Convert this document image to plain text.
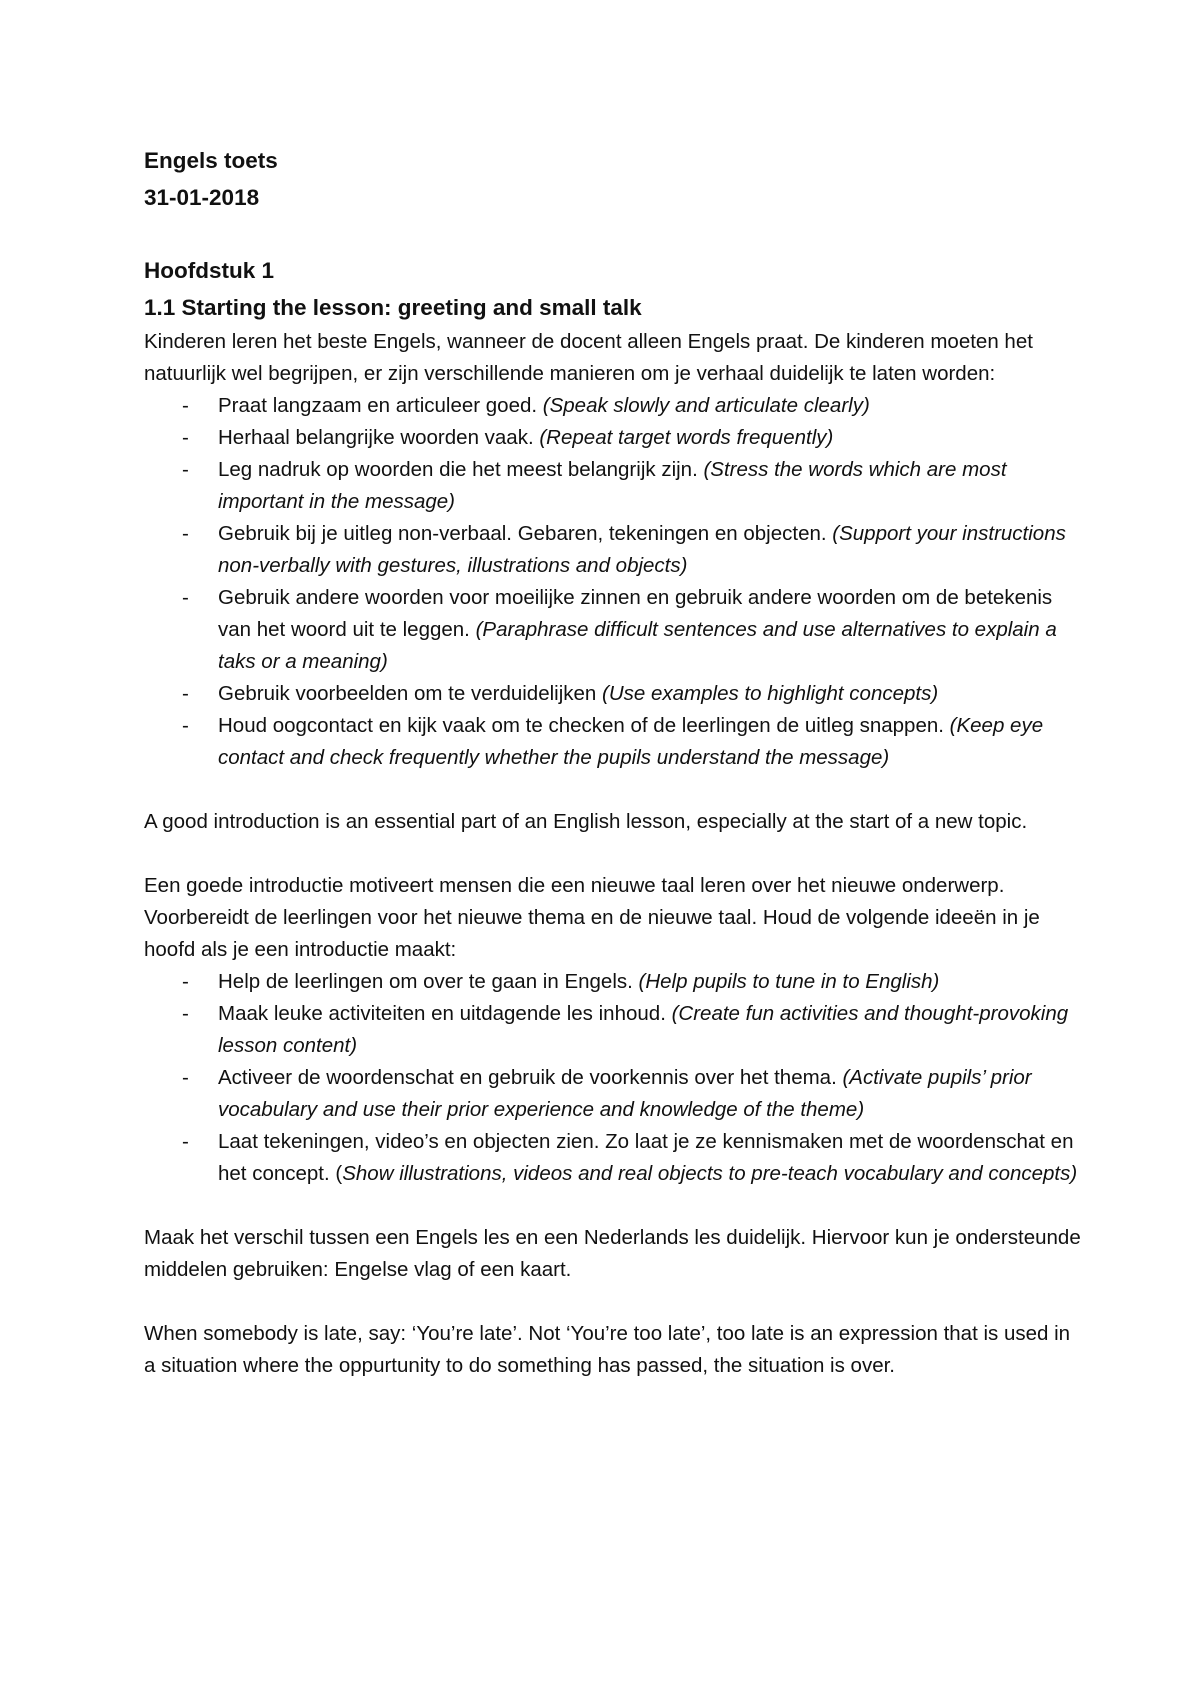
Engels toets

31-01-2018

Hoofdstuk 1

1.1 Starting the lesson: greeting and small talk

Kinderen leren het beste Engels, wanneer de docent alleen Engels praat. De kinderen moeten het natuurlijk wel begrijpen, er zijn verschillende manieren om je verhaal duidelijk te laten worden:

- Praat langzaam en articuleer goed. (Speak slowly and articulate clearly)
- Herhaal belangrijke woorden vaak. (Repeat target words frequently)
- Leg nadruk op woorden die het meest belangrijk zijn. (Stress the words which are most important in the message)
- Gebruik bij je uitleg non-verbaal. Gebaren, tekeningen en objecten. (Support your instructions non-verbally with gestures, illustrations and objects)
- Gebruik andere woorden voor moeilijke zinnen en gebruik andere woorden om de betekenis van het woord uit te leggen. (Paraphrase difficult sentences and use alternatives to explain a taks or a meaning)
- Gebruik voorbeelden om te verduidelijken (Use examples to highlight concepts)
- Houd oogcontact en kijk vaak om te checken of de leerlingen de uitleg snappen. (Keep eye contact and check frequently whether the pupils understand the message)

A good introduction is an essential part of an English lesson, especially at the start of a new topic.

Een goede introductie motiveert mensen die een nieuwe taal leren over het nieuwe onderwerp. Voorbereidt de leerlingen voor het nieuwe thema en de nieuwe taal. Houd de volgende ideeën in je hoofd als je een introductie maakt:

- Help de leerlingen om over te gaan in Engels. (Help pupils to tune in to English)
- Maak leuke activiteiten en uitdagende les inhoud. (Create fun activities and thought-provoking lesson content)
- Activeer de woordenschat en gebruik de voorkennis over het thema. (Activate pupils’ prior vocabulary and use their prior experience and knowledge of the theme)
- Laat tekeningen, video’s en objecten zien. Zo laat je ze kennismaken met de woordenschat en het concept. (Show illustrations, videos and real objects to pre-teach vocabulary and concepts)

Maak het verschil tussen een Engels les en een Nederlands les duidelijk. Hiervoor kun je ondersteunde middelen gebruiken: Engelse vlag of een kaart.

When somebody is late, say: ‘You’re late’. Not ‘You’re too late’, too late is an expression that is used in a situation where the oppurtunity to do something has passed, the situation is over.
